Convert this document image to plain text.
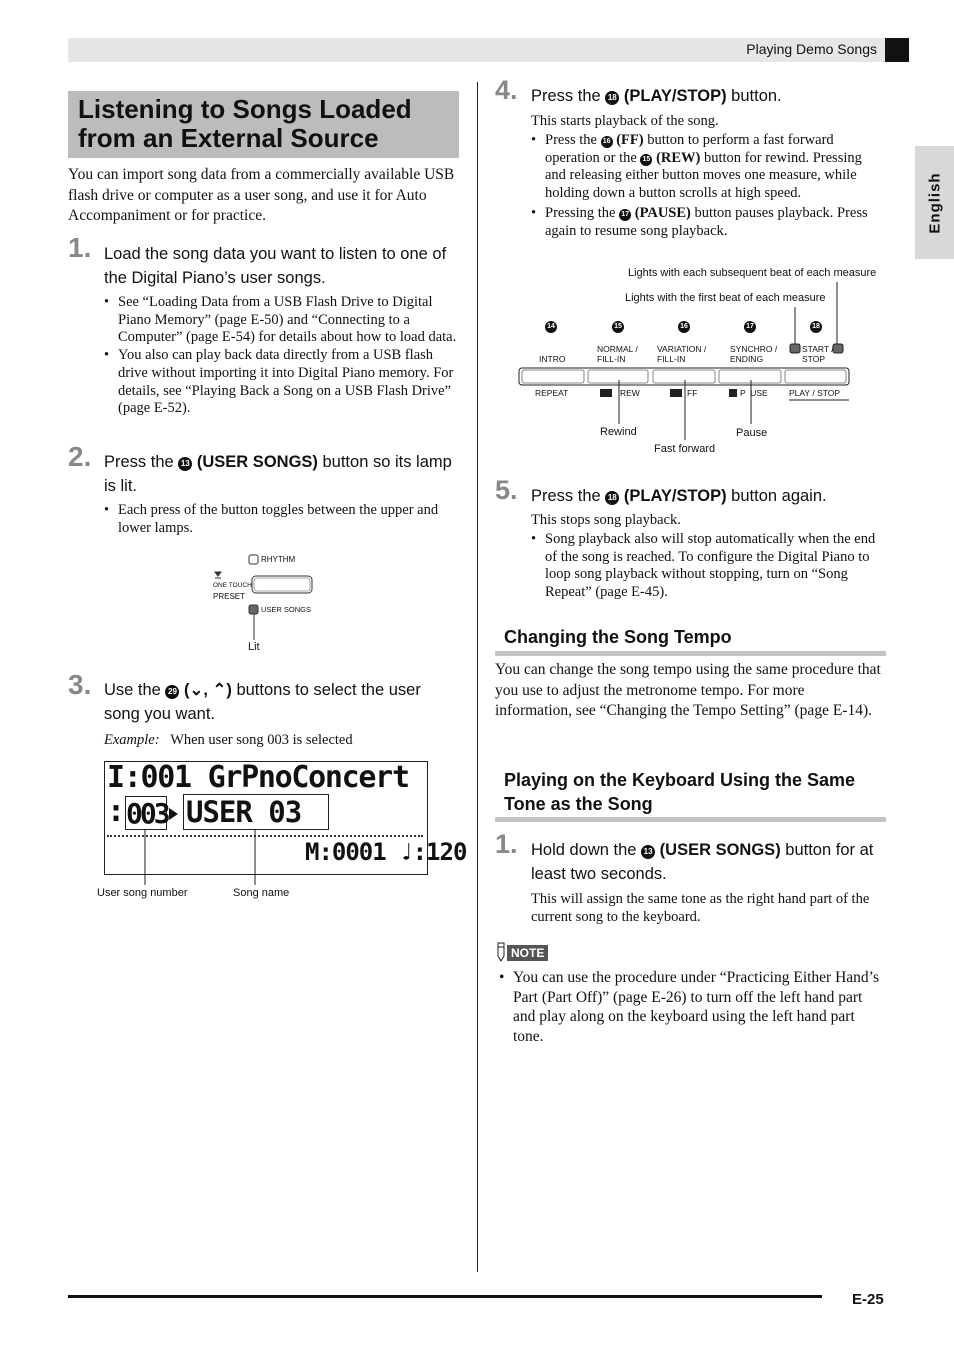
Playing Demo Songs
English
Listening to Songs Loaded
from an External Source
You can import song data from a commercially available USB flash drive or computer as a user song, and use it for Auto Accompaniment or for practice.
1. Load the song data you want to listen to one of the Digital Piano’s user songs.
• See “Loading Data from a USB Flash Drive to Digital Piano Memory” (page E-50) and “Connecting to a Computer” (page E-54) for details about how to load data.
• You also can play back data directly from a USB flash drive without importing it into Digital Piano memory. For details, see “Playing Back a Song on a USB Flash Drive” (page E-52).
2. Press the 13 (USER SONGS) button so its lamp is lit.
• Each press of the button toggles between the upper and lower lamps.
RHYTHM
ONE TOUCH
PRESET
USER SONGS
Lit
3. Use the 29 (⌄, ⌃) buttons to select the user song you want.
Example: When user song 003 is selected
I:001 GrPnoConcert
: 003 USER 03
M:0001 ♩:120
User song number	Song name
4. Press the 18 (PLAY/STOP) button.
This starts playback of the song.
• Press the 16 (FF) button to perform a fast forward operation or the 15 (REW) button for rewind. Pressing and releasing either button moves one measure, while holding down a button scrolls at high speed.
• Pressing the 17 (PAUSE) button pauses playback. Press again to resume song playback.
Lights with each subsequent beat of each measure
Lights with the first beat of each measure
14	15	16	17	18
INTRO
NORMAL /
FILL-IN
VARIATION /
FILL-IN
SYNCHRO /
ENDING
START /
STOP
REPEAT	REW	FF	P  USE	PLAY / STOP
Rewind
Fast forward
Pause
5. Press the 18 (PLAY/STOP) button again.
This stops song playback.
• Song playback also will stop automatically when the end of the song is reached. To configure the Digital Piano to loop song playback without stopping, turn on “Song Repeat” (page E-45).
Changing the Song Tempo
You can change the song tempo using the same procedure that you use to adjust the metronome tempo. For more information, see “Changing the Tempo Setting” (page E-14).
Playing on the Keyboard Using the Same
Tone as the Song
1. Hold down the 13 (USER SONGS) button for at least two seconds.
This will assign the same tone as the right hand part of the current song to the keyboard.
NOTE
• You can use the procedure under “Practicing Either Hand’s Part (Part Off)” (page E-26) to turn off the left hand part and play along on the keyboard using the left hand part tone.
E-25
